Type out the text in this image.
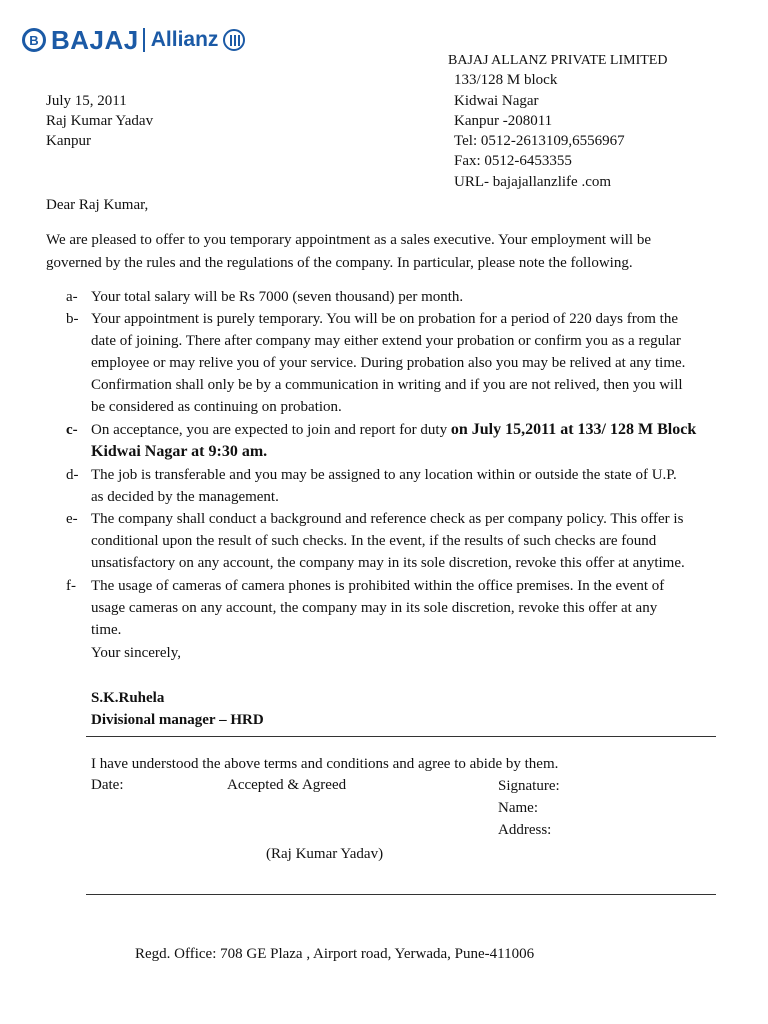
B BAJAJ Allianz
BAJAJ ALLANZ PRIVATE LIMITED
133/128 M block
Kidwai Nagar
Kanpur -208011
Tel: 0512-2613109,6556967
Fax: 0512-6453355
URL- bajajallanzlife .com
July 15, 2011
Raj Kumar Yadav
Kanpur
Dear Raj Kumar,
We are pleased to offer to you temporary appointment as a sales executive. Your employment will be
governed by the rules and the regulations of the company. In particular, please note the following.
a- Your total salary will be Rs 7000 (seven thousand) per month.
b- Your appointment is purely temporary. You will be on probation for a period of 220 days from the
date of joining. There after company may either extend your probation or confirm you as a regular
employee or may relive you of your service. During probation also you may be relived at any time.
Confirmation shall only be by a communication in writing and if you are not relived, then you will
be considered as continuing on probation.
c- On acceptance, you are expected to join and report for duty on July 15,2011 at 133/ 128 M Block
Kidwai Nagar at 9:30 am.
d- The job is transferable and you may be assigned to any location within or outside the state of U.P.
as decided by the management.
e- The company shall conduct a background and reference check as per company policy. This offer is
conditional upon the result of such checks. In the event, if the results of such checks are found
unsatisfactory on any account, the company may in its sole discretion, revoke this offer at anytime.
f- The usage of cameras of camera phones is prohibited within the office premises. In the event of
usage cameras on any account, the company may in its sole discretion, revoke this offer at any
time.
Your sincerely,
S.K.Ruhela
Divisional manager – HRD
I have understood the above terms and conditions and agree to abide by them.
Date:	Accepted & Agreed	Signature:
Name:
Address:
(Raj Kumar Yadav)
Regd. Office: 708 GE Plaza , Airport road, Yerwada, Pune-411006
